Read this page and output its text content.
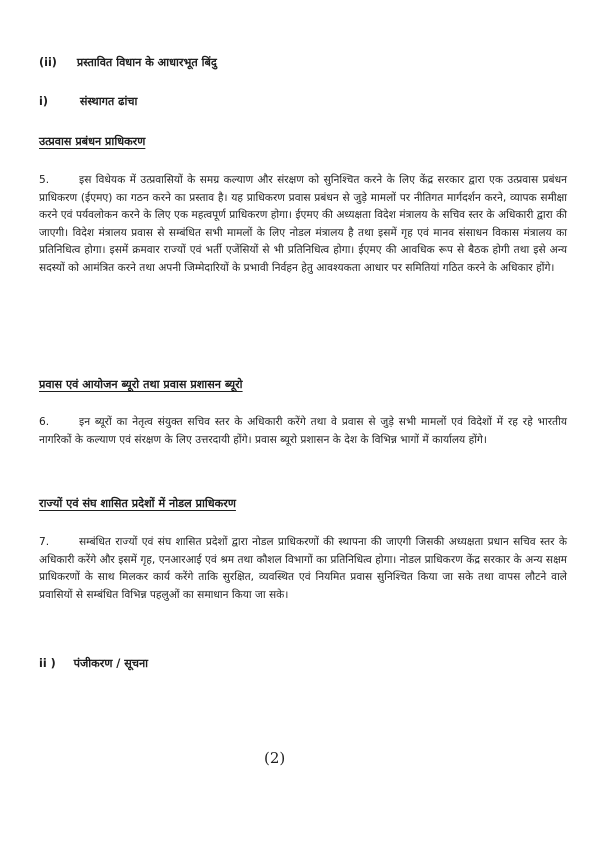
(ii) प्रस्तावित विधान के आधारभूत बिंदु
i)	संस्थागत ढांचा
उत्प्रवास प्रबंधन प्राधिकरण
5.	इस विधेयक में उत्प्रवासियों के समग्र कल्याण और संरक्षण को सुनिश्चित करने के लिए केंद्र सरकार द्वारा एक उत्प्रवास प्रबंधन प्राधिकरण (ईएमए) का गठन करने का प्रस्ताव है। यह प्राधिकरण प्रवास प्रबंधन से जुड़े मामलों पर नीतिगत मार्गदर्शन करने, व्यापक समीक्षा करने एवं पर्यवलोकन करने के लिए एक महत्वपूर्ण प्राधिकरण होगा। ईएमए की अध्यक्षता विदेश मंत्रालय के सचिव स्तर के अधिकारी द्वारा की जाएगी। विदेश मंत्रालय प्रवास से सम्बंधित सभी मामलों के लिए नोडल मंत्रालय है तथा इसमें गृह एवं मानव संसाधन विकास मंत्रालय का प्रतिनिधित्व होगा। इसमें क्रमवार राज्यों एवं भर्ती एजेंसियों से भी प्रतिनिधित्व होगा। ईएमए की आवधिक रूप से बैठक होगी तथा इसे अन्य सदस्यों को आमंत्रित करने तथा अपनी जिम्मेदारियों के प्रभावी निर्वहन हेतु आवश्यकता आधार पर समितियां गठित करने के अधिकार होंगे।
प्रवास एवं आयोजन ब्यूरो तथा प्रवास प्रशासन ब्यूरो
6.	इन ब्यूरों का नेतृत्व संयुक्त सचिव स्तर के अधिकारी करेंगे तथा वे प्रवास से जुड़े सभी मामलों एवं विदेशों में रह रहे भारतीय नागरिकों के कल्याण एवं संरक्षण के लिए उत्तरदायी होंगे। प्रवास ब्यूरो प्रशासन के देश के विभिन्न भागों में कार्यालय होंगे।
राज्यों एवं संघ शासित प्रदेशों में नोडल प्राधिकरण
7.	सम्बंधित राज्यों एवं संघ शासित प्रदेशों द्वारा नोडल प्राधिकरणों की स्थापना की जाएगी जिसकी अध्यक्षता प्रधान सचिव स्तर के अधिकारी करेंगे और इसमें गृह, एनआरआई एवं श्रम तथा कौशल विभागों का प्रतिनिधित्व होगा। नोडल प्राधिकरण केंद्र सरकार के अन्य सक्षम प्राधिकरणों के साथ मिलकर कार्य करेंगे ताकि सुरक्षित, व्यवस्थित एवं नियमित प्रवास सुनिश्चित किया जा सके तथा वापस लौटने वाले प्रवासियों से सम्बंधित विभिन्न पहलुओं का समाधान किया जा सके।
ii ) पंजीकरण / सूचना
(2)
